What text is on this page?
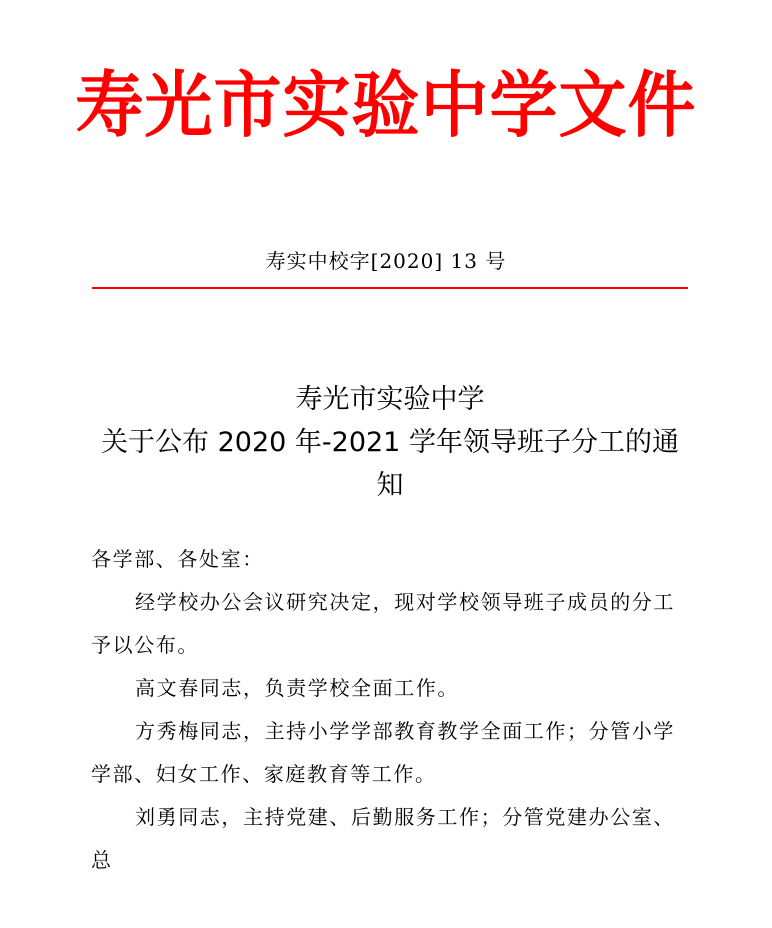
寿光市实验中学文件
寿实中校字[2020] 13 号
寿光市实验中学
关于公布 2020 年-2021 学年领导班子分工的通
知

各学部、各处室：

经学校办公会议研究决定，现对学校领导班子成员的分工予以公布。

高文春同志，负责学校全面工作。

方秀梅同志，主持小学学部教育教学全面工作；分管小学学部、妇女工作、家庭教育等工作。

刘勇同志，主持党建、后勤服务工作；分管党建办公室、总
